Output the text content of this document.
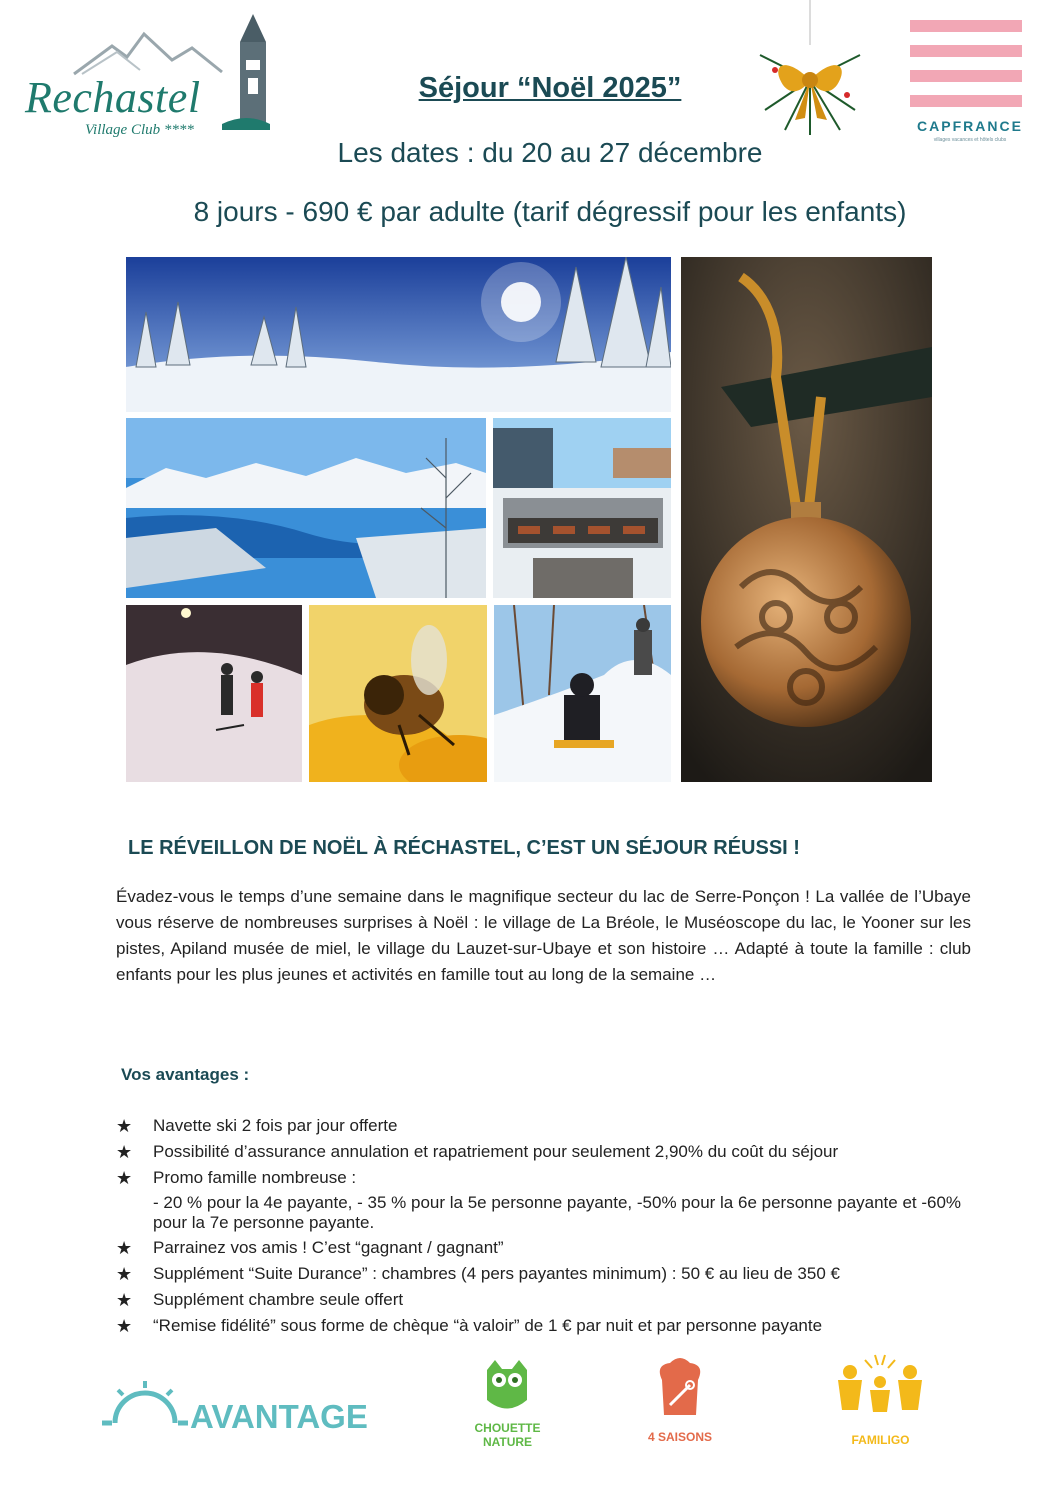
Rechastel
Village Club ****
Séjour “Noël 2025”
Les dates : du 20 au 27 décembre
8 jours - 690 € par adulte (tarif dégressif pour les enfants)
CAPFRANCE
villages vacances et hôtels clubs
LE RÉVEILLON DE NOËL À RÉCHASTEL, C’EST UN SÉJOUR RÉUSSI !
Évadez-vous le temps d’une semaine dans le magnifique secteur du lac de Serre-Ponçon ! La vallée de l’Ubaye vous réserve de nombreuses surprises à Noël : le village de La Bréole, le Muséoscope du lac, le Yooner sur les pistes, Apiland musée de miel, le village du Lauzet-sur-Ubaye et son histoire … Adapté à toute la famille : club enfants pour les plus jeunes et activités en famille tout au long de la semaine …
Vos avantages :
★ Navette ski 2 fois par jour offerte
★ Possibilité d’assurance annulation et rapatriement pour seulement 2,90% du coût du séjour
★ Promo famille nombreuse :
- 20 % pour la 4e payante, - 35 % pour la 5e personne payante, -50% pour la 6e personne payante et -60% pour la 7e personne payante.
★ Parrainez vos amis ! C’est “gagnant / gagnant”
★ Supplément “Suite Durance” : chambres (4 pers payantes minimum) : 50 € au lieu de 350 €
★ Supplément chambre seule offert
★ “Remise fidélité” sous forme de chèque “à valoir” de 1 € par nuit et par personne payante
AVANTAGE	CHOUETTE
NATURE	4 SAISONS	FAMILIGO
